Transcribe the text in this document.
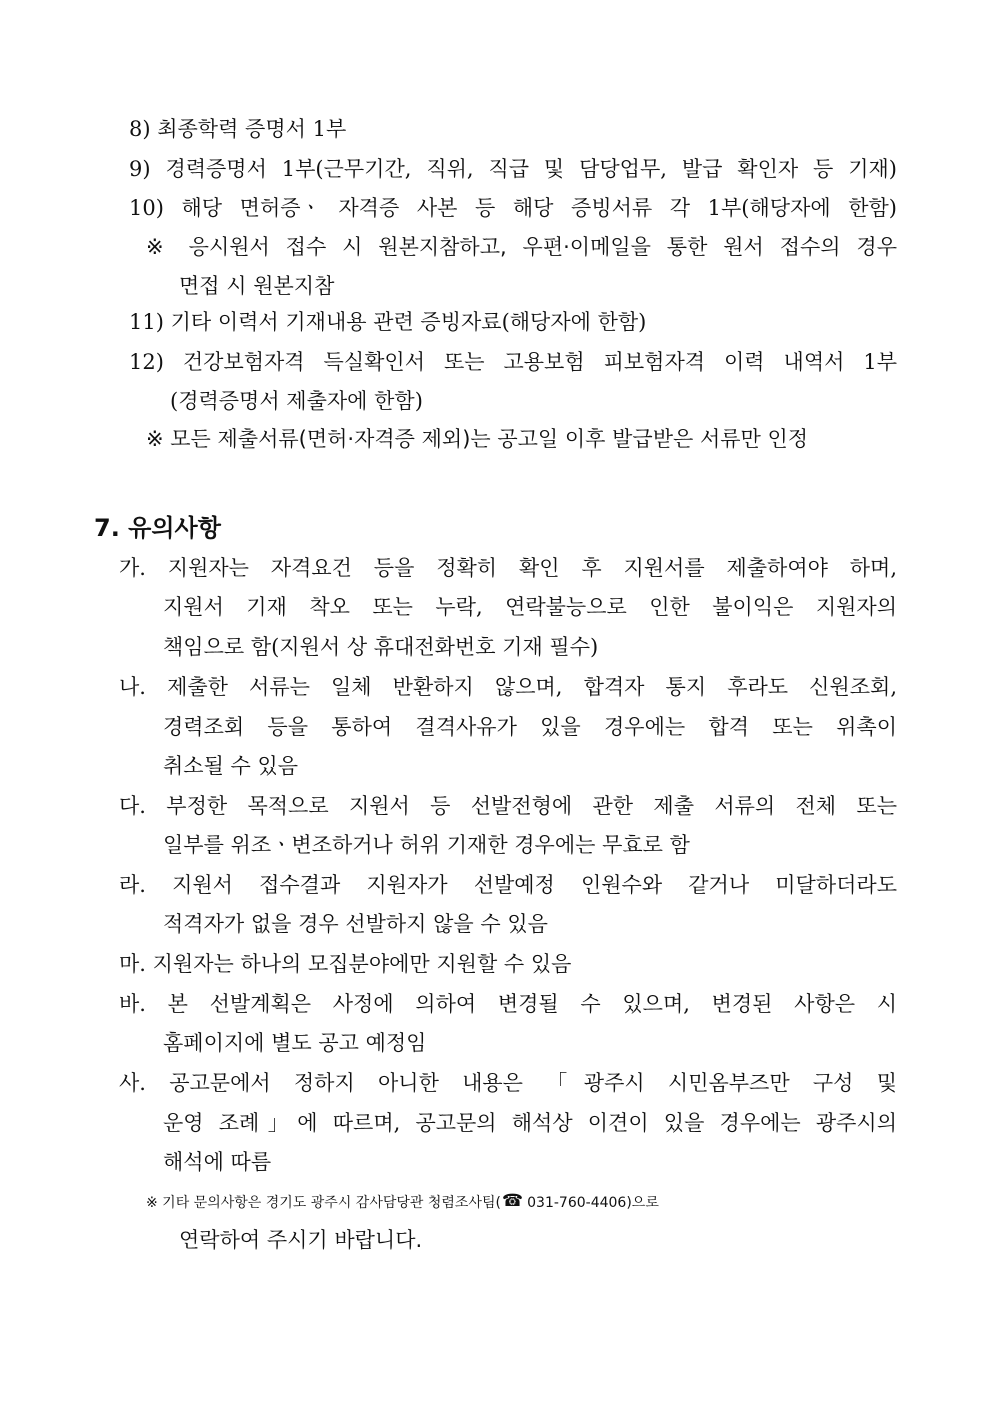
8) 최종학력 증명서 1부
9) 경력증명서 1부(근무기간, 직위, 직급 및 담당업무, 발급 확인자 등 기재)
10) 해당 면허증ㆍ 자격증 사본 등 해당 증빙서류 각 1부(해당자에 한함)
※ 응시원서 접수 시 원본지참하고, 우편·이메일을 통한 원서 접수의 경우
면접 시 원본지참
11) 기타 이력서 기재내용 관련 증빙자료(해당자에 한함)
12) 건강보험자격 득실확인서 또는 고용보험 피보험자격 이력 내역서 1부
(경력증명서 제출자에 한함)
※ 모든 제출서류(면허·자격증 제외)는 공고일 이후 발급받은 서류만 인정
7. 유의사항
가. 지원자는 자격요건 등을 정확히 확인 후 지원서를 제출하여야 하며,
지원서 기재 착오 또는 누락, 연락불능으로 인한 불이익은 지원자의
책임으로 함(지원서 상 휴대전화번호 기재 필수)
나. 제출한 서류는 일체 반환하지 않으며, 합격자 통지 후라도 신원조회,
경력조회 등을 통하여 결격사유가 있을 경우에는 합격 또는 위촉이
취소될 수 있음
다. 부정한 목적으로 지원서 등 선발전형에 관한 제출 서류의 전체 또는
일부를 위조ㆍ변조하거나 허위 기재한 경우에는 무효로 함
라. 지원서 접수결과 지원자가 선발예정 인원수와 같거나 미달하더라도
적격자가 없을 경우 선발하지 않을 수 있음
마. 지원자는 하나의 모집분야에만 지원할 수 있음
바. 본 선발계획은 사정에 의하여 변경될 수 있으며, 변경된 사항은 시
홈페이지에 별도 공고 예정임
사. 공고문에서 정하지 아니한 내용은 「광주시 시민옴부즈만 구성 및
운영 조례」에 따르며, 공고문의 해석상 이견이 있을 경우에는 광주시의
해석에 따름
※ 기타 문의사항은 경기도 광주시 감사담당관 청렴조사팀(☎ 031-760-4406)으로
연락하여 주시기 바랍니다.
